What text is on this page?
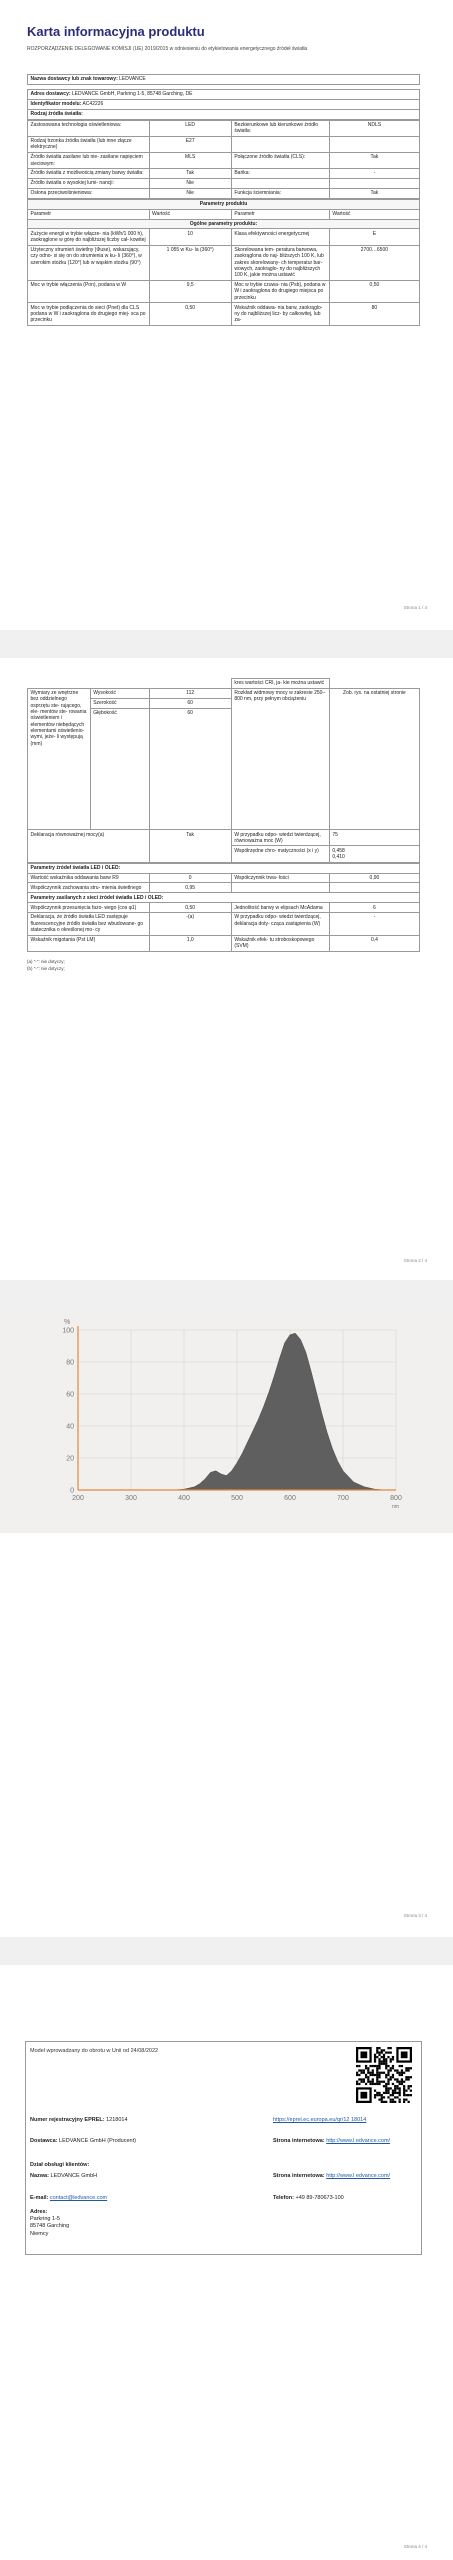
Karta informacyjna produktu
ROZPORZĄDZENIE DELEGOWANE KOMISJI (UE) 2019/2015 w odniesieniu do etykietowania energetycznego źródeł światła
Nazwa dostawcy lub znak towarowy: LEDVANCE
Adres dostawcy: LEDVANCE GmbH, Parkring 1-5, 85748 Garching, DE
Identyfikator modelu: AC42226
Rodzaj źródła światła:
Zastosowana technologia oświetleniowa:	LED	Bezkierunkowe lub kierunkowe źródło światła:	NDLS
Rodzaj trzonka źródła światła (lub inne złącze elektryczne)	E27		
Źródło światła zasilane lub nie- zasilane napięciem sieciowym:	MLS	Połączone źródło światła (CLS):	Tak
Źródło światła z możliwością zmiany barwy światła:	Tak	Bańka:	-
Źródło światła o wysokiej lumi- nancji:	Nie		
Osłona przeciwolśnieniowa:	Nie	Funkcja ściemniania:	Tak
Parametry produktu			
Parametr	Wartość	Parametr	Wartość
Ogólne parametry produktu:			
Zużycie energii w trybie włącze- nia (kWh/1 000 h), zaokrąglone w górę do najbliższej liczby cał- kowitej	10	Klasa efektywności energetycznej	E
Użyteczny strumień świetlny (Φuse), wskazujący, czy odno- si się on do strumienia w ku- li (360°), w szerokim stożku (120°) lub w wąskim stożku (90°)	1 055 w Ku- la (360°)	Skorelowana tem- peratura barwowa, zaokrąglona do naj- bliższych 100 K, lub zakres skorelowany- ch temperatur bar- wowych, zaokrąglo- ny do najbliższych 100 K, jakie można ustawić	2700…6500
Moc w trybie włączenia (Pon), podana w W	9,5	Moc w trybie czuwa- nia (Psb), podana w W i zaokrąglona do drugiego miejsca po przecinku	0,50
Moc w trybie podłączenia do sieci (Pnet) dla CLS podana w W i zaokrąglona do drugiego miej- sca po przecinku	0,50	Wskaźnik oddawa- nia barw, zaokrąglo- ny do najbliższej licz- by całkowitej, lub za-	80
Strona 1 / 4
			kres wartości CRI, ja- kie można ustawić	
Wymiary ze wnętrzne bez oddzielnego osprzętu ste- rującego, ele- mentów ste- rowania oświetleniem i elementów niebędących elementami oświetlenio- wymi, jeże- li występują (mm)	Wysokość	112	Rozkład widmowy mocy w zakresie 250–800 nm, przy pełnym obciążeniu	Zob. rys. na ostatniej stronie
	Szerokość	60		
	Głębokość	60		
Deklaracja równoważnej mocy(a)		Tak	W przypadku odpo- wiedzi twierdzącej, równoważna moc (W)	75
			Współrzędne chro- matyczności (x i y)	0,458
0,410
Parametry źródeł światła LED i OLED:			
Wartość wskaźnika oddawania barw R9	0	Współczynnik trwa- łości	0,90
Współczynnik zachowania stru- mienia świetlnego	0,95		
Parametry zasilanych z sieci źródeł światła LED i OLED:			
Współczynnik przesunięcia fazo- wego (cos φ1)	0,50	Jednolitość barwy w elipsach McAdama	6
Deklaracja, że źródło światła LED zastępuje fluorescencyjne źródło światła bez wbudowane- go statecznika o określonej mo- cy	-(a)	W przypadku odpo- wiedzi twierdzącej, deklaracja doty- cząca zastąpienia (W)	-
Wskaźnik migotania (Pst LM)	1,0	Wskaźnik efek- tu stroboskopowego (SVM)	0,4
(a) "-": nie dotyczy;
(b) "-": nie dotyczy;
Strona 2 / 4
0
20
40
60
80
100
200	300	400	500	600	700	800
%
nm
Strona 3 / 4
Model wprowadzany do obrotu w Unii od 24/08/2022
Numer rejestracyjny EPREL: 1218014	https://eprel.ec.europa.eu/qr/12 18014
Dostawca: LEDVANCE GmbH (Producent)	Strona internetowa: http://www.l edvance.com/
Dział obsługi klientów:
Nazwa: LEDVANCE GmbH	Strona internetowa: http://www.l edvance.com/
E-mail: contact@ledvance.com	Telefon: +49 89-780673-100
Adres:
Parkring 1-5
85748 Garching
Niemcy
Strona 4 / 4
